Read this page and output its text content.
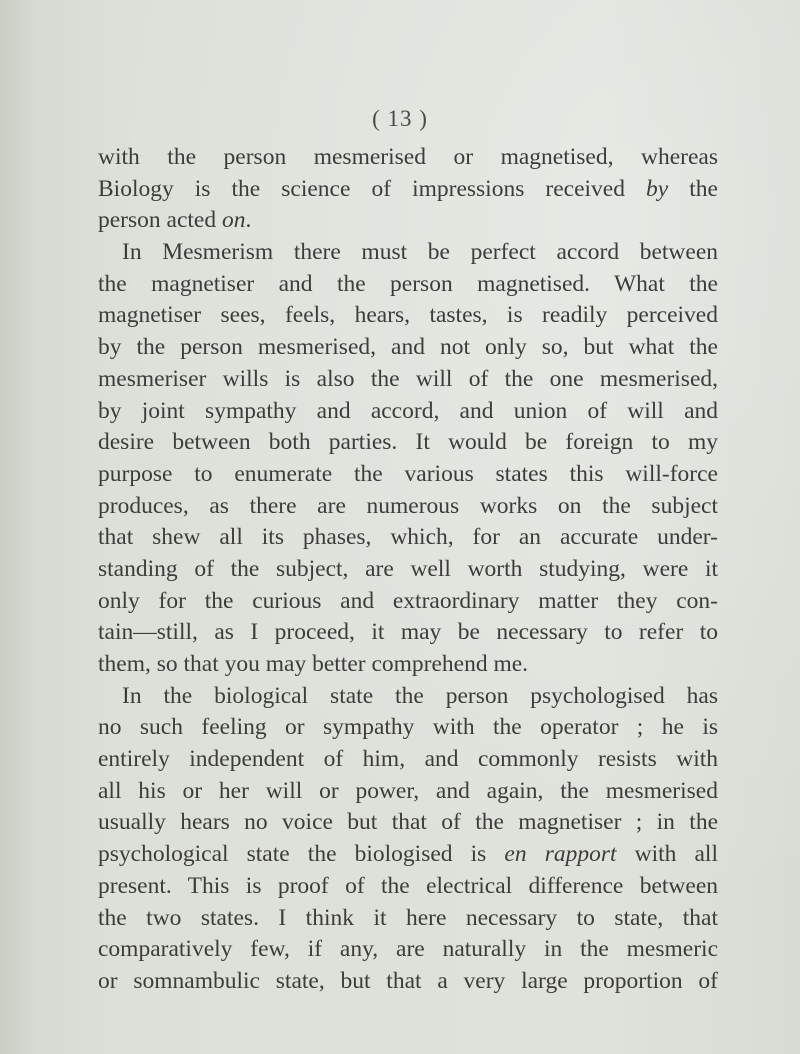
( 13 )
with the person mesmerised or magnetised, whereas
Biology is the science of impressions received by the
person acted on.
In Mesmerism there must be perfect accord between
the magnetiser and the person magnetised. What the
magnetiser sees, feels, hears, tastes, is readily perceived
by the person mesmerised, and not only so, but what the
mesmeriser wills is also the will of the one mesmerised,
by joint sympathy and accord, and union of will and
desire between both parties. It would be foreign to my
purpose to enumerate the various states this will-force
produces, as there are numerous works on the subject
that shew all its phases, which, for an accurate under-
standing of the subject, are well worth studying, were it
only for the curious and extraordinary matter they con-
tain—still, as I proceed, it may be necessary to refer to
them, so that you may better comprehend me.
In the biological state the person psychologised has
no such feeling or sympathy with the operator ; he is
entirely independent of him, and commonly resists with
all his or her will or power, and again, the mesmerised
usually hears no voice but that of the magnetiser ; in the
psychological state the biologised is en rapport with all
present. This is proof of the electrical difference between
the two states. I think it here necessary to state, that
comparatively few, if any, are naturally in the mesmeric
or somnambulic state, but that a very large proportion of
